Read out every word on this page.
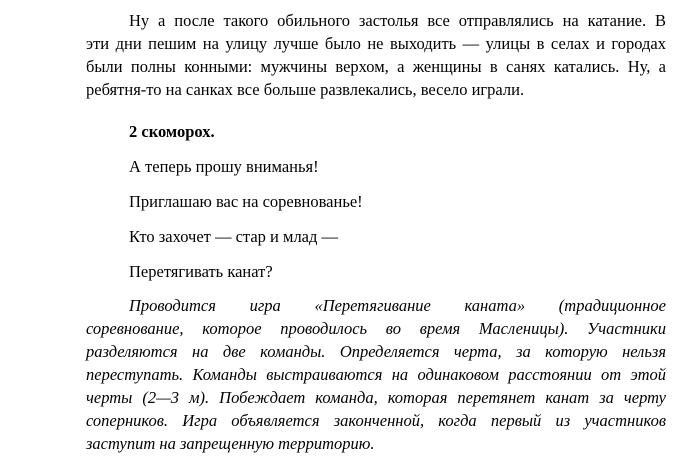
Ну а после такого обильного застолья все отправлялись на катание. В
эти дни пешим на улицу лучше было не выходить — улицы в селах и городах
были полны конными: мужчины верхом, а женщины в санях катались. Ну, а
ребятня-то на санках все больше развлекались, весело играли.

2 скоморох.

А теперь прошу вниманья!

Приглашаю вас на соревнованье!

Кто захочет — стар и млад —

Перетягивать канат?

Проводится игра «Перетягивание каната» (традиционное
соревнование, которое проводилось во время Масленицы). Участники
разделяются на две команды. Определяется черта, за которую нельзя
переступать. Команды выстраиваются на одинаковом расстоянии от этой
черты (2—3 м). Побеждает команда, которая перетянет канат за черту
соперников. Игра объявляется законченной, когда первый из участников
заступит на запрещенную территорию.
